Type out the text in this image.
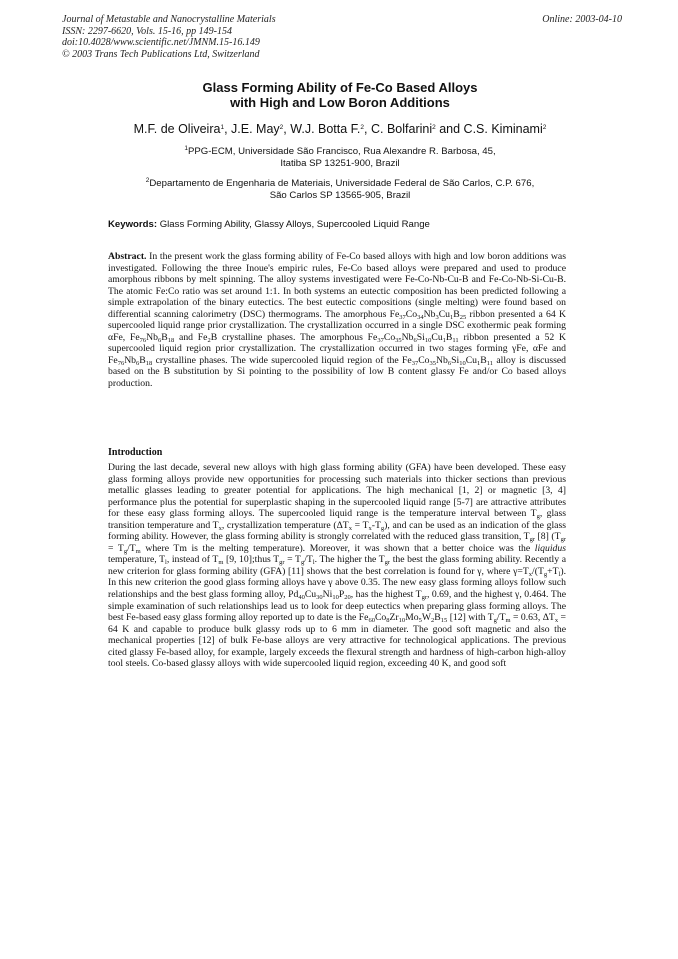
Journal of Metastable and Nanocrystalline Materials
ISSN: 2297-6620, Vols. 15-16, pp 149-154
doi:10.4028/www.scientific.net/JMNM.15-16.149
© 2003 Trans Tech Publications Ltd, Switzerland
Online: 2003-04-10
Glass Forming Ability of Fe-Co Based Alloys
with High and Low Boron Additions
M.F. de Oliveira$^1$, J.E. May$^2$, W.J. Botta F.$^2$, C. Bolfarini$^2$ and C.S. Kiminami$^2$
$^1$PPG-ECM, Universidade São Francisco, Rua Alexandre R. Barbosa, 45,
Itatiba SP 13251-900, Brazil
$^2$Departamento de Engenharia de Materiais, Universidade Federal de São Carlos, C.P. 676,
São Carlos SP 13565-905, Brazil
Keywords: Glass Forming Ability, Glassy Alloys, Supercooled Liquid Range
Abstract. In the present work the glass forming ability of Fe-Co based alloys with high and low boron additions was investigated. Following the three Inoue's empiric rules, Fe-Co based alloys were prepared and used to produce amorphous ribbons by melt spinning. The alloy systems investigated were Fe-Co-Nb-Cu-B and Fe-Co-Nb-Si-Cu-B. The atomic Fe:Co ratio was set around 1:1. In both systems an eutectic composition has been predicted following a simple extrapolation of the binary eutectics. The best eutectic compositions (single melting) were found based on differential scanning calorimetry (DSC) thermograms. The amorphous $Fe_{37}Co_{34}Nb_3Cu_1B_{25}$ ribbon presented a 64 K supercooled liquid range prior crystallization. The crystallization occurred in a single DSC exothermic peak forming αFe, $Fe_{76}Nb_6B_{18}$ and $Fe_2B$ crystalline phases. The amorphous $Fe_{37}Co_{35}Nb_6Si_{10}Cu_1B_{11}$ ribbon presented a 52 K supercooled liquid region prior crystallization. The crystallization occurred in two stages forming γFe, αFe and $Fe_{76}Nb_6B_{18}$ crystalline phases. The wide supercooled liquid region of the $Fe_{37}Co_{35}Nb_6Si_{10}Cu_1B_{11}$ alloy is discussed based on the B substitution by Si pointing to the possibility of low B content glassy Fe and/or Co based alloys production.
Introduction
During the last decade, several new alloys with high glass forming ability (GFA) have been developed. These easy glass forming alloys provide new opportunities for processing such materials into thicker sections than previous metallic glasses leading to greater potential for applications. The high mechanical [1, 2] or magnetic [3, 4] performance plus the potential for superplastic shaping in the supercooled liquid range [5-7] are attractive attributes for these easy glass forming alloys. The supercooled liquid range is the temperature interval between $T_g$, glass transition temperature and $T_x$, crystallization temperature $(\Delta T_x = T_x-T_g)$, and can be used as an indication of the glass forming ability. However, the glass forming ability is strongly correlated with the reduced glass transition, $T_{gr}$ [8] ($T_{gr} = T_g/T_m$ where Tm is the melting temperature). Moreover, it was shown that a better choice was the liquidus temperature, $T_l$, instead of $T_m$ [9, 10];thus $T_{gr} = T_g/T_l$. The higher the $T_{gr}$ the best the glass forming ability. Recently a new criterion for glass forming ability (GFA) [11] shows that the best correlation is found for γ, where $\gamma=T_x/(T_g+T_l)$. In this new criterion the good glass forming alloys have γ above 0.35. The new easy glass forming alloys follow such relationships and the best glass forming alloy, $Pd_{40}Cu_{30}Ni_{10}P_{20}$, has the highest $T_{gr}$, 0.69, and the highest γ, 0.464. The simple examination of such relationships lead us to look for deep eutectics when preparing glass forming alloys. The best Fe-based easy glass forming alloy reported up to date is the $Fe_{60}Co_8Zr_{10}Mo_5W_2B_{15}$ [12] with $T_g/T_m = 0.63$, $\Delta T_x = 64$ K and capable to produce bulk glassy rods up to 6 mm in diameter. The good soft magnetic and also the mechanical properties [12] of bulk Fe-base alloys are very attractive for technological applications. The previous cited glassy Fe-based alloy, for example, largely exceeds the flexural strength and hardness of high-carbon high-alloy tool steels. Co-based glassy alloys with wide supercooled liquid region, exceeding 40 K, and good soft
